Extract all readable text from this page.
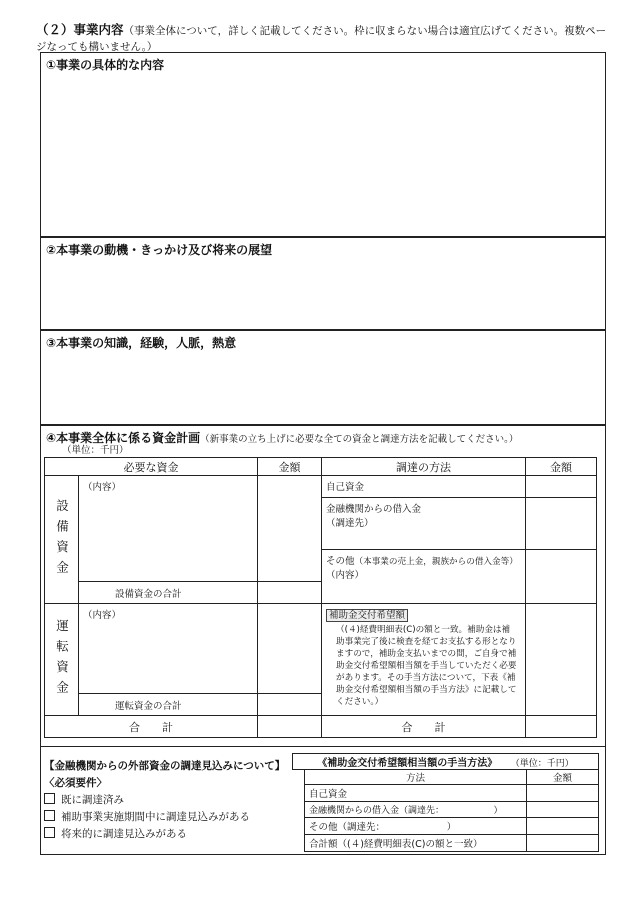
（２）事業内容（事業全体について，詳しく記載してください。枠に収まらない場合は適宜広げてください。複数ページなっても構いません。）
①事業の具体的な内容
②本事業の動機・きっかけ及び将来の展望
③本事業の知識，経験，人脈，熱意
④本事業全体に係る資金計画（新事業の立ち上げに必要な全ての資金と調達方法を記載してください。）
（単位：千円）
必要な資金		金額	調達の方法	金額
設備資金	（内容）		自己資金	

			金融機関からの借入金
（調達先）	

			その他（本事業の売上金，親族からの借入金等）
（内容）	

	設備資金の合計			
運転資金	（内容）		補助金交付希望額
（(４)経費明細表(C)の額と一致。補助金は補助事業完了後に検査を経てお支払する形となりますので，補助金支払いまでの間，ご自身で補助金交付希望額相当額を手当していただく必要があります。その手当方法について，下表《補助金交付希望額相当額の手当方法》に記載してください。）	

	運転資金の合計			
合　　計			合　　計	
【金融機関からの外部資金の調達見込みについて】
〈必須要件〉
既に調達済み
補助事業実施期間中に調達見込みがある
将来的に調達見込みがある
《補助金交付希望額相当額の手当方法》 （単位：千円）		
	方法	金額
	自己資金	
	金融機関からの借入金（調達先：　　　　　　）	
	その他（調達先：　　　　　　　）	
	合計額（(４)経費明細表(C)の額と一致）	
